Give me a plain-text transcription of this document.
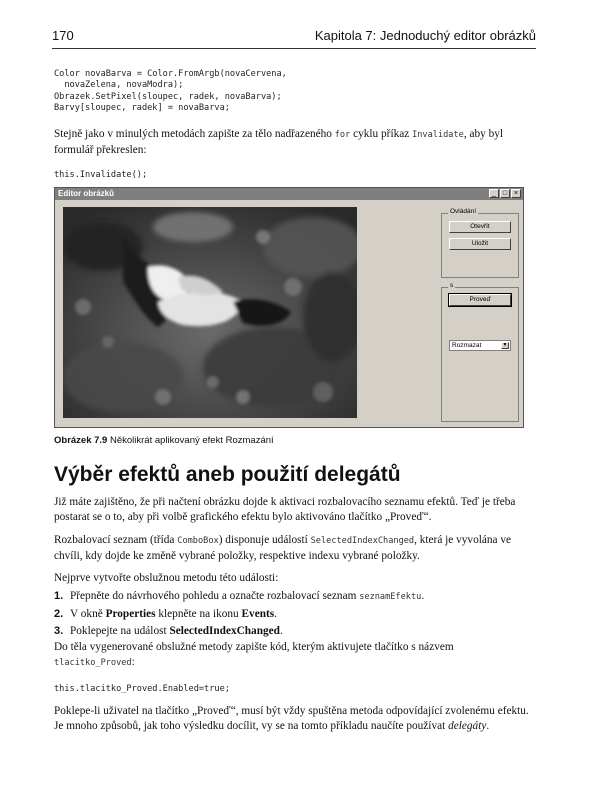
170	Kapitola 7: Jednoduchý editor obrázků
Color novaBarva = Color.FromArgb(novaCervena,
novaZelena, novaModra);
Obrazek.SetPixel(sloupec, radek, novaBarva);
Barvy[sloupec, radek] = novaBarva;

Stejně jako v minulých metodách zapište za tělo nadřazeného for cyklu příkaz Invalidate, aby byl formulář překreslen:

this.Invalidate();
Editor obrázků	_ □ ×
Ovládání
Otevřít
Uložit
s
Proveď
Rozmazat	▼
Obrázek 7.9 Několikrát aplikovaný efekt Rozmazání
Výběr efektů aneb použití delegátů

Již máte zajištěno, že při načtení obrázku dojde k aktivaci rozbalovacího seznamu efektů. Teď je třeba postarat se o to, aby při volbě grafického efektu bylo aktivováno tlačítko „Proveď“.

Rozbalovací seznam (třída ComboBox) disponuje událostí SelectedIndexChanged, která je vyvolána ve chvíli, kdy dojde ke změně vybrané položky, respektive indexu vybrané položky.

Nejprve vytvořte obslužnou metodu této události:

1. Přepněte do návrhového pohledu a označte rozbalovací seznam seznamEfektu.
2. V okně Properties klepněte na ikonu Events.
3. Poklepejte na událost SelectedIndexChanged.

Do těla vygenerované obslužné metody zapište kód, kterým aktivujete tlačítko s názvem tlacitko_Proved:

this.tlacitko_Proved.Enabled=true;

Poklepe-li uživatel na tlačítko „Proveď“, musí být vždy spuštěna metoda odpovídající zvolenému efektu. Je mnoho způsobů, jak toho výsledku docílit, vy se na tomto příkladu naučíte používat delegáty.
